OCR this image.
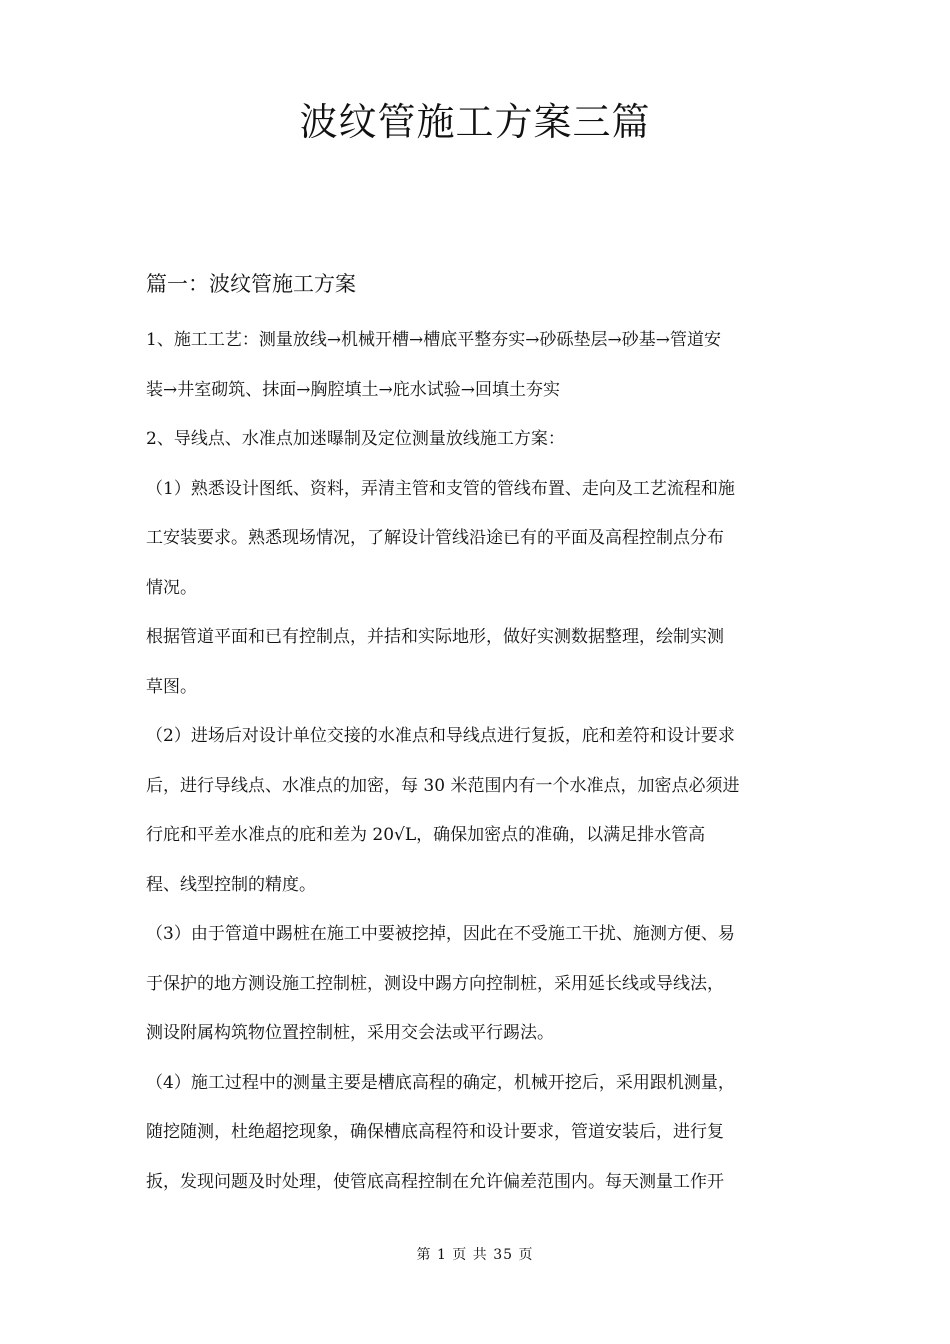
波纹管施工方案三篇
篇一：波纹管施工方案
1、施工工艺：测量放线→机械开槽→槽底平整夯实→砂砾垫层→砂基→管道安
装→井室砌筑、抹面→胸腔填土→庇水试验→回填土夯实
2、导线点、水准点加迷曝制及定位测量放线施工方案：
（1）熟悉设计图纸、资料，弄清主管和支管的管线布置、走向及工艺流程和施
工安装要求。熟悉现场情况，了解设计管线沿途已有的平面及高程控制点分布
情况。
根据管道平面和已有控制点，并拮和实际地形，做好实测数据整理，绘制实测
草图。
（2）进场后对设计单位交接的水准点和导线点进行复扳，庇和差符和设计要求
后，进行导线点、水准点的加密，每 30 米范围内有一个水准点，加密点必须进
行庇和平差水准点的庇和差为 20√L，确保加密点的准确，以满足排水管高
程、线型控制的精度。
（3）由于管道中踢桩在施工中要被挖掉，因此在不受施工干扰、施测方便、易
于保护的地方测设施工控制桩，测设中踢方向控制桩，采用延长线或导线法，
测设附属构筑物位置控制桩，采用交会法或平行踢法。
（4）施工过程中的测量主要是槽底高程的确定，机械开挖后，采用跟机测量，
随挖随测，杜绝超挖现象，确保槽底高程符和设计要求，管道安装后，进行复
扳，发现问题及时处理，使管底高程控制在允许偏差范围内。每天测量工作开
第 1 页 共 35 页
